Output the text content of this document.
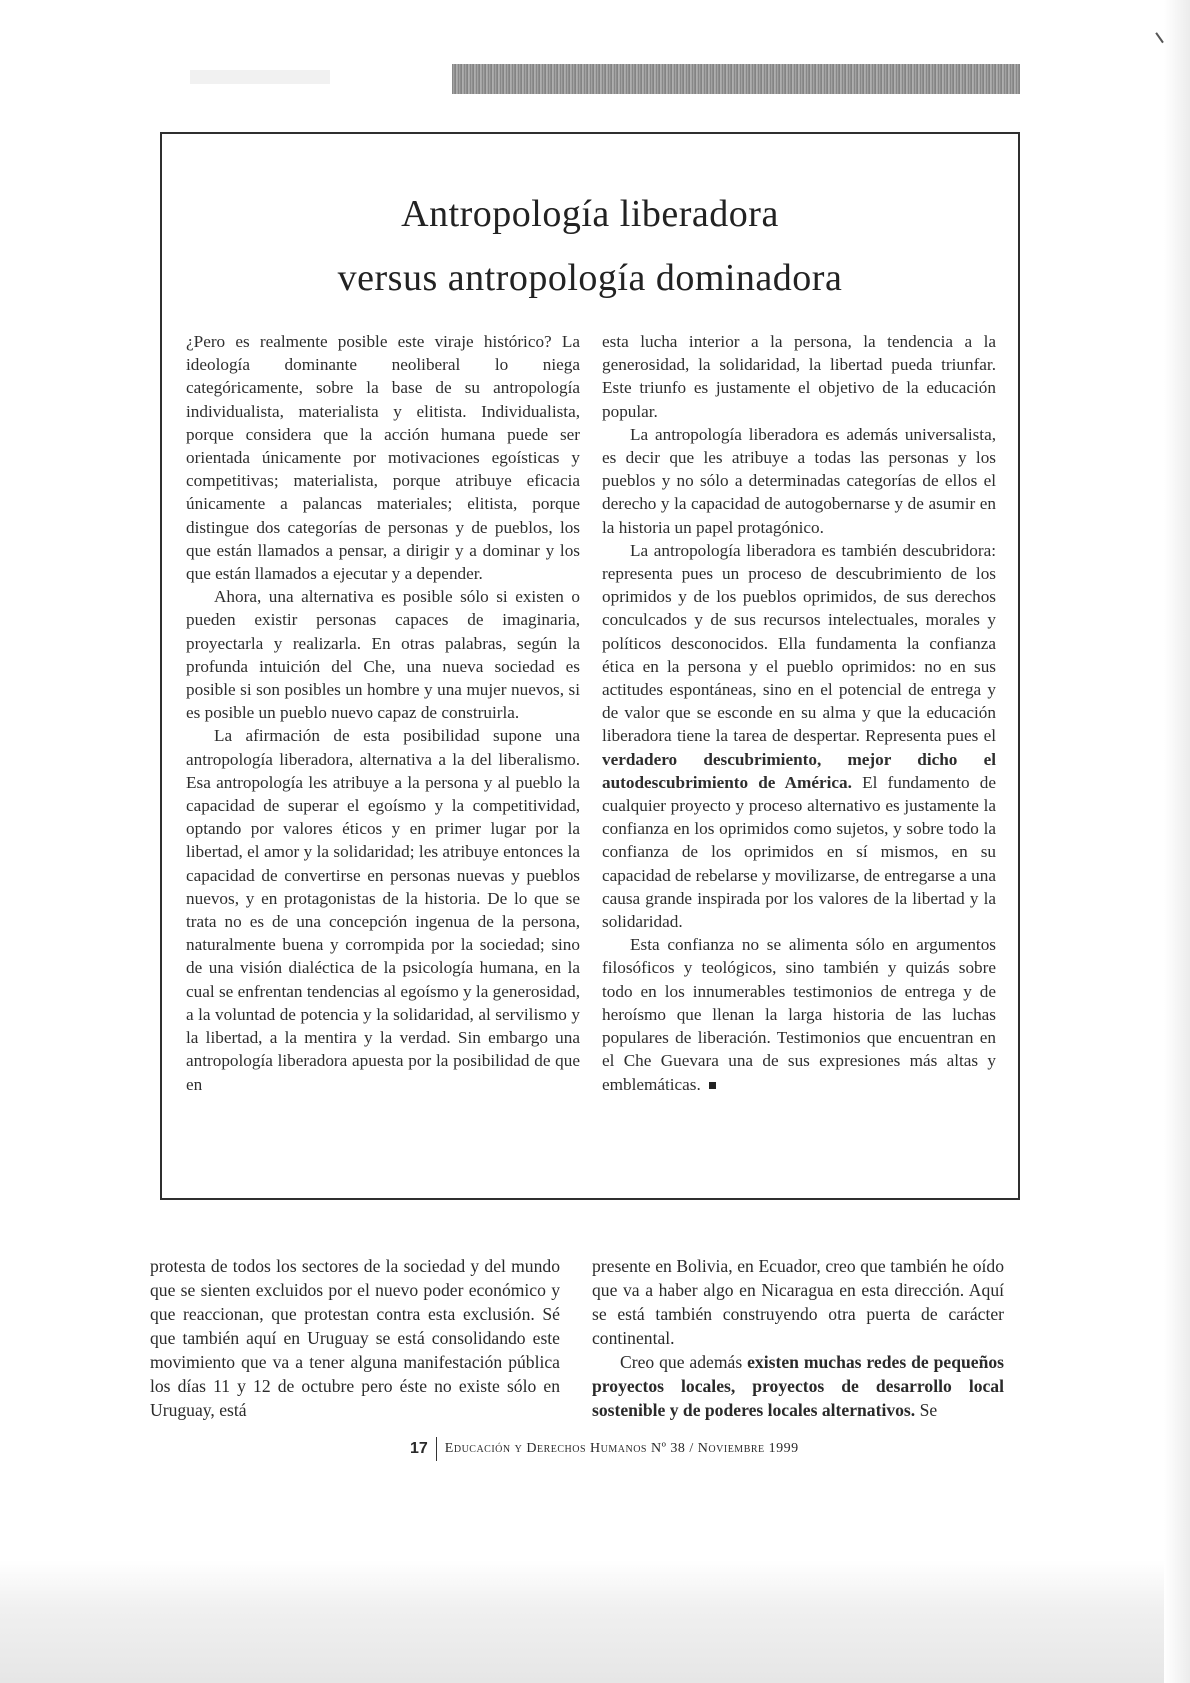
Antropología liberadora
versus antropología dominadora

¿Pero es realmente posible este viraje histórico? La ideología dominante neoliberal lo niega categóricamente, sobre la base de su antropología individualista, materialista y elitista. Individualista, porque considera que la acción humana puede ser orientada únicamente por motivaciones egoísticas y competitivas; materialista, porque atribuye eficacia únicamente a palancas materiales; elitista, porque distingue dos categorías de personas y de pueblos, los que están llamados a pensar, a dirigir y a dominar y los que están llamados a ejecutar y a depender.

Ahora, una alternativa es posible sólo si existen o pueden existir personas capaces de imaginaria, proyectarla y realizarla. En otras palabras, según la profunda intuición del Che, una nueva sociedad es posible si son posibles un hombre y una mujer nuevos, si es posible un pueblo nuevo capaz de construirla.

La afirmación de esta posibilidad supone una antropología liberadora, alternativa a la del liberalismo. Esa antropología les atribuye a la persona y al pueblo la capacidad de superar el egoísmo y la competitividad, optando por valores éticos y en primer lugar por la libertad, el amor y la solidaridad; les atribuye entonces la capacidad de convertirse en personas nuevas y pueblos nuevos, y en protagonistas de la historia. De lo que se trata no es de una concepción ingenua de la persona, naturalmente buena y corrompida por la sociedad; sino de una visión dialéctica de la psicología humana, en la cual se enfrentan tendencias al egoísmo y la generosidad, a la voluntad de potencia y la solidaridad, al servilismo y la libertad, a la mentira y la verdad. Sin embargo una antropología liberadora apuesta por la posibilidad de que en

esta lucha interior a la persona, la tendencia a la generosidad, la solidaridad, la libertad pueda triunfar. Este triunfo es justamente el objetivo de la educación popular.

La antropología liberadora es además universalista, es decir que les atribuye a todas las personas y los pueblos y no sólo a determinadas categorías de ellos el derecho y la capacidad de autogobernarse y de asumir en la historia un papel protagónico.

La antropología liberadora es también descubridora: representa pues un proceso de descubrimiento de los oprimidos y de los pueblos oprimidos, de sus derechos conculcados y de sus recursos intelectuales, morales y políticos desconocidos. Ella fundamenta la confianza ética en la persona y el pueblo oprimidos: no en sus actitudes espontáneas, sino en el potencial de entrega y de valor que se esconde en su alma y que la educación liberadora tiene la tarea de despertar. Representa pues el verdadero descubrimiento, mejor dicho el autodescubrimiento de América. El fundamento de cualquier proyecto y proceso alternativo es justamente la confianza en los oprimidos como sujetos, y sobre todo la confianza de los oprimidos en sí mismos, en su capacidad de rebelarse y movilizarse, de entregarse a una causa grande inspirada por los valores de la libertad y la solidaridad.

Esta confianza no se alimenta sólo en argumentos filosóficos y teológicos, sino también y quizás sobre todo en los innumerables testimonios de entrega y de heroísmo que llenan la larga historia de las luchas populares de liberación. Testimonios que encuentran en el Che Guevara una de sus expresiones más altas y emblemáticas.

protesta de todos los sectores de la sociedad y del mundo que se sienten excluidos por el nuevo poder económico y que reaccionan, que protestan contra esta exclusión. Sé que también aquí en Uruguay se está consolidando este movimiento que va a tener alguna manifestación pública los días 11 y 12 de octubre pero éste no existe sólo en Uruguay, está

presente en Bolivia, en Ecuador, creo que también he oído que va a haber algo en Nicaragua en esta dirección. Aquí se está también construyendo otra puerta de carácter continental.

Creo que además existen muchas redes de pequeños proyectos locales, proyectos de desarrollo local sostenible y de poderes locales alternativos. Se

17	Educación y Derechos Humanos Nº 38 / Noviembre 1999
